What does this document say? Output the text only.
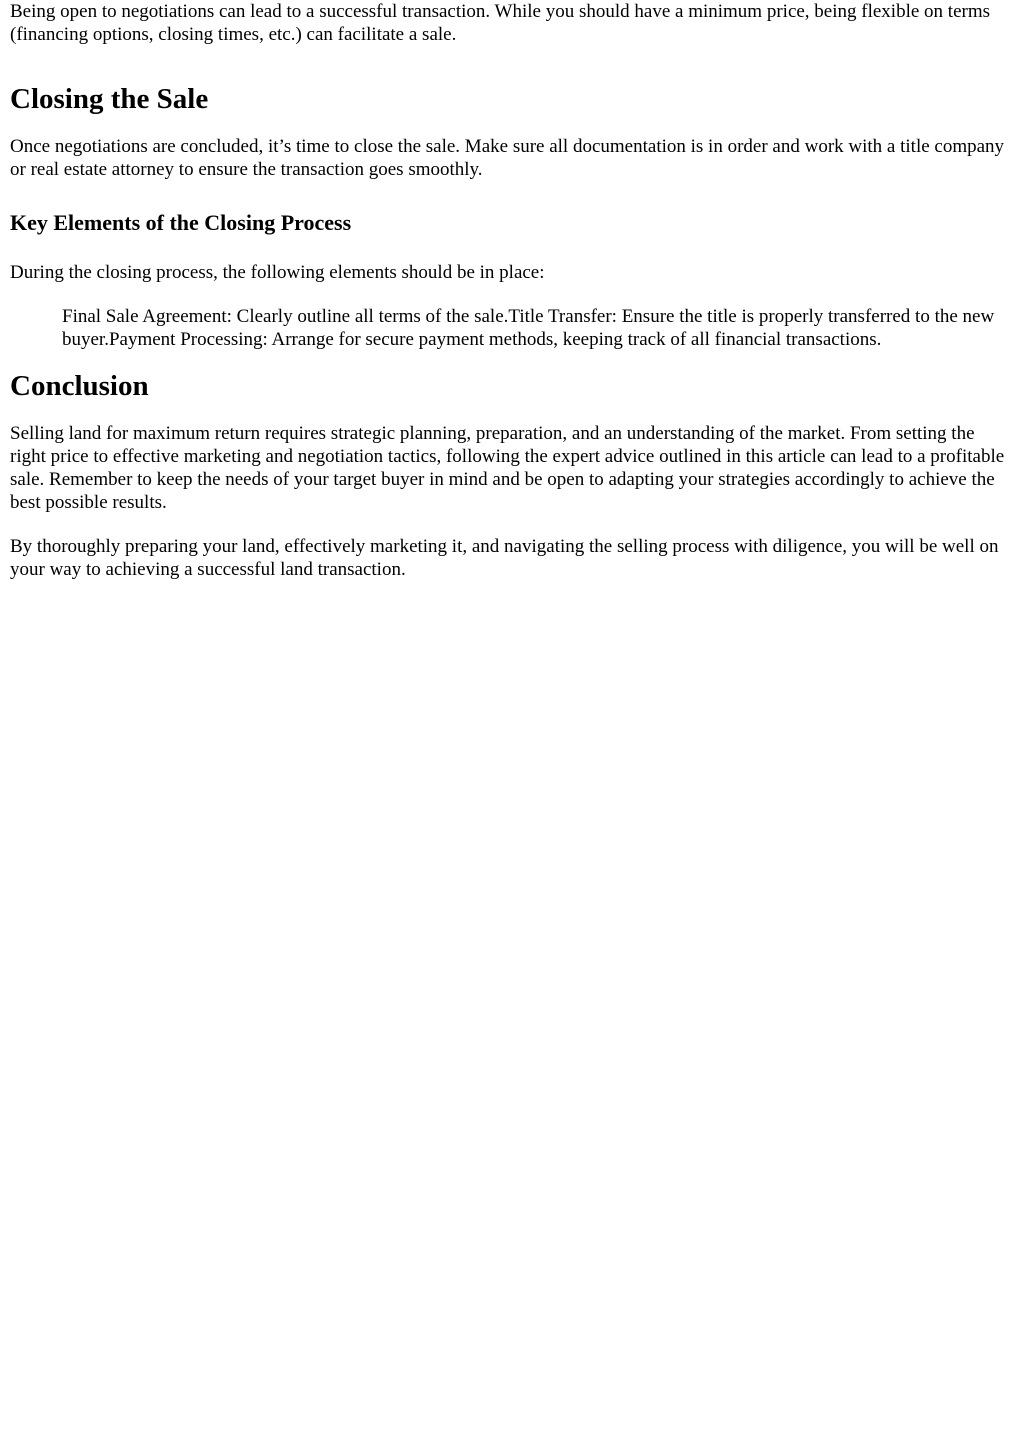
Being open to negotiations can lead to a successful transaction. While you should have a minimum price, being flexible on terms (financing options, closing times, etc.) can facilitate a sale.

Closing the Sale

Once negotiations are concluded, it’s time to close the sale. Make sure all documentation is in order and work with a title company or real estate attorney to ensure the transaction goes smoothly.

Key Elements of the Closing Process

During the closing process, the following elements should be in place:

Final Sale Agreement: Clearly outline all terms of the sale.Title Transfer: Ensure the title is properly transferred to the new buyer.Payment Processing: Arrange for secure payment methods, keeping track of all financial transactions.
Conclusion

Selling land for maximum return requires strategic planning, preparation, and an understanding of the market. From setting the right price to effective marketing and negotiation tactics, following the expert advice outlined in this article can lead to a profitable sale. Remember to keep the needs of your target buyer in mind and be open to adapting your strategies accordingly to achieve the best possible results.

By thoroughly preparing your land, effectively marketing it, and navigating the selling process with diligence, you will be well on your way to achieving a successful land transaction.
